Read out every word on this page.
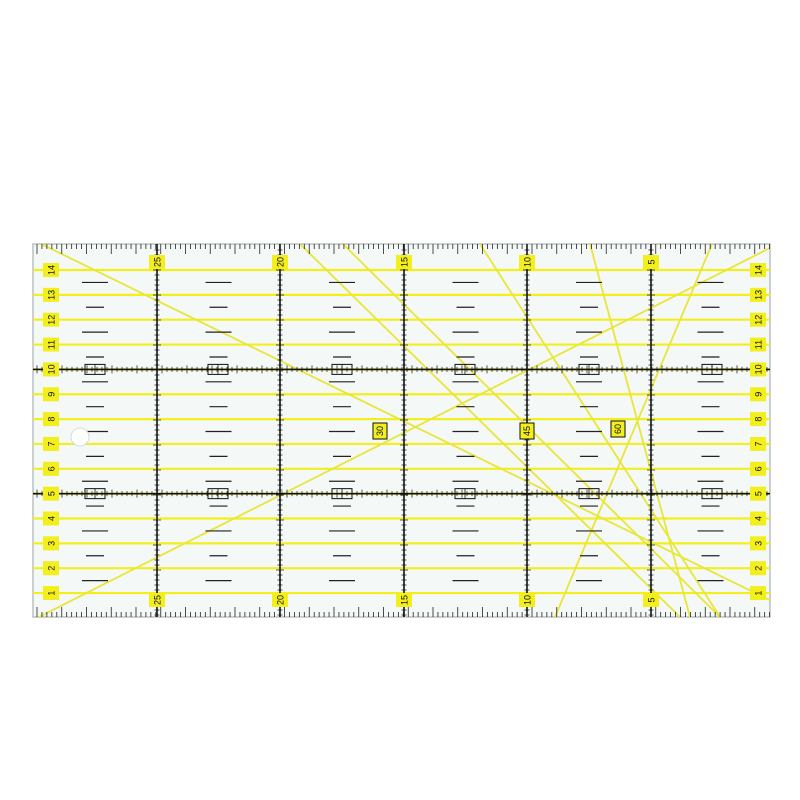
14
13
12
11
10
9
8
7
6
5
4
3
2
1
14
13
12
11
10
9
8
7
6
5
4
3
2
1
25	20	15	10	5
25	20	15	10	5
30	45	60
